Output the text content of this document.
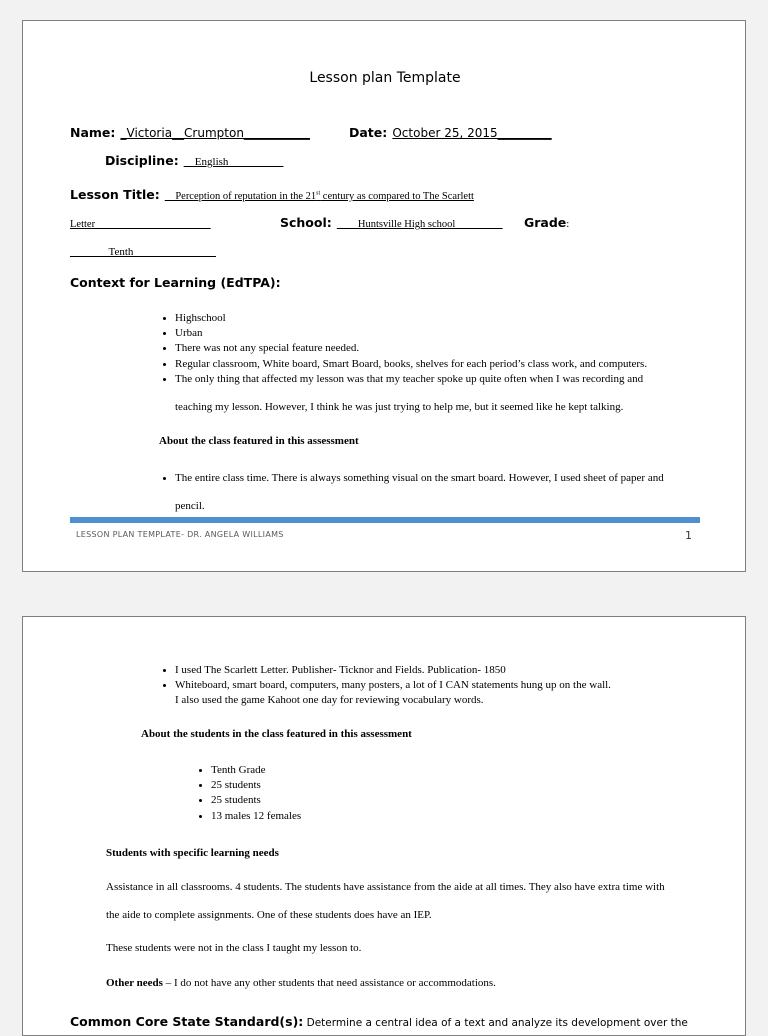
Lesson plan Template
Name: _Victoria__Crumpton___________	Date: October 25, 2015_________
Discipline: __English__________
Lesson Title: __Perception of reputation in the 21st century as compared to The Scarlett
Letter______________________	School: ____Huntsville High school_________ Grade:
_______Tenth_______________
Context for Learning (EdTPA):
• Highschool
• Urban
• There was not any special feature needed.
• Regular classroom, White board, Smart Board, books, shelves for each period’s class work, and computers.
• The only thing that affected my lesson was that my teacher spoke up quite often when I was recording and
teaching my lesson. However, I think he was just trying to help me, but it seemed like he kept talking.
About the class featured in this assessment
• The entire class time. There is always something visual on the smart board. However, I used sheet of paper and
pencil.
LESSON PLAN TEMPLATE- DR. ANGELA WILLIAMS	1
• I used The Scarlett Letter. Publisher- Ticknor and Fields. Publication- 1850
• Whiteboard, smart board, computers, many posters, a lot of I CAN statements hung up on the wall.
I also used the game Kahoot one day for reviewing vocabulary words.
About the students in the class featured in this assessment
• Tenth Grade
• 25 students
• 25 students
• 13 males 12 females
Students with specific learning needs
Assistance in all classrooms. 4 students. The students have assistance from the aide at all times. They also have extra time with
the aide to complete assignments. One of these students does have an IEP.
These students were not in the class I taught my lesson to.
Other needs – I do not have any other students that need assistance or accommodations.
Common Core State Standard(s): Determine a central idea of a text and analyze its development over the
